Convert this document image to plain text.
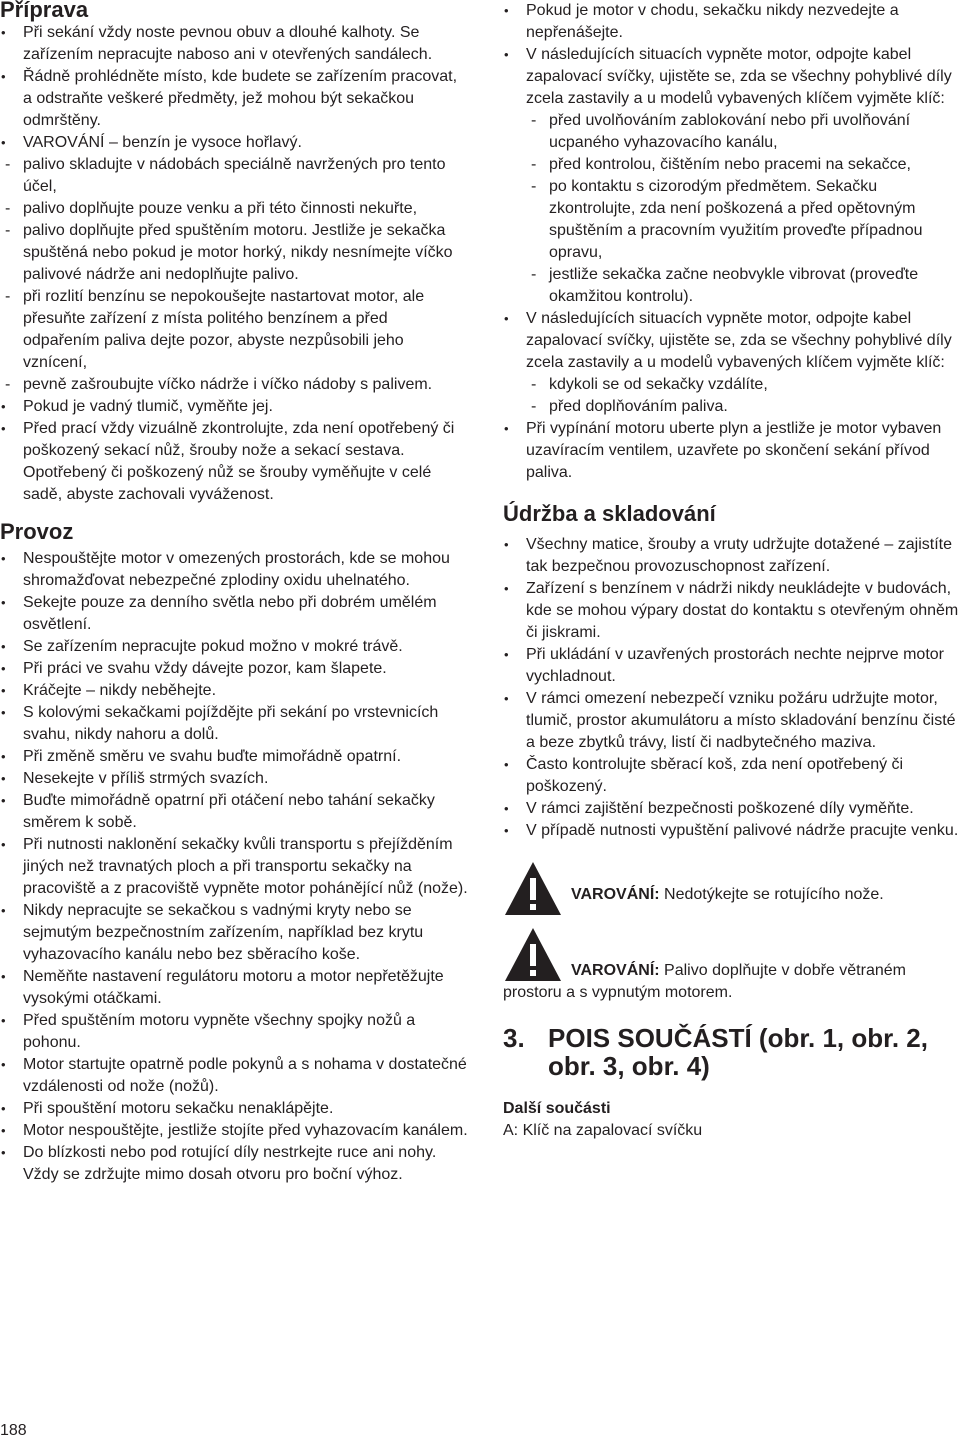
Příprava
• Při sekání vždy noste pevnou obuv a dlouhé kalhoty. Se zařízením nepracujte naboso ani v otevřených sandálech.
• Řádně prohlédněte místo, kde budete se zařízením pracovat, a odstraňte veškeré předměty, jež mohou být sekačkou odmrštěny.
• VAROVÁNÍ – benzín je vysoce hořlavý.
- palivo skladujte v nádobách speciálně navržených pro tento účel,
- palivo doplňujte pouze venku a při této činnosti nekuřte,
- palivo doplňujte před spuštěním motoru. Jestliže je sekačka spuštěná nebo pokud je motor horký, nikdy nesnímejte víčko palivové nádrže ani nedoplňujte palivo.
- při rozlití benzínu se nepokoušejte nastartovat motor, ale přesuňte zařízení z místa politého benzínem a před odpařením paliva dejte pozor, abyste nezpůsobili jeho vznícení,
- pevně zašroubujte víčko nádrže i víčko nádoby s palivem.
• Pokud je vadný tlumič, vyměňte jej.
• Před prací vždy vizuálně zkontrolujte, zda není opotřebený či poškozený sekací nůž, šrouby nože a sekací sestava. Opotřebený či poškozený nůž se šrouby vyměňujte v celé sadě, abyste zachovali vyváženost.
Provoz
• Nespouštějte motor v omezených prostorách, kde se mohou shromažďovat nebezpečné zplodiny oxidu uhelnatého.
• Sekejte pouze za denního světla nebo při dobrém umělém osvětlení.
• Se zařízením nepracujte pokud možno v mokré trávě.
• Při práci ve svahu vždy dávejte pozor, kam šlapete.
• Kráčejte – nikdy neběhejte.
• S kolovými sekačkami pojíždějte při sekání po vrstevnicích svahu, nikdy nahoru a dolů.
• Při změně směru ve svahu buďte mimořádně opatrní.
• Nesekejte v příliš strmých svazích.
• Buďte mimořádně opatrní při otáčení nebo tahání sekačky směrem k sobě.
• Při nutnosti naklonění sekačky kvůli transportu s přejížděním jiných než travnatých ploch a při transportu sekačky na pracoviště a z pracoviště vypněte motor pohánějící nůž (nože).
• Nikdy nepracujte se sekačkou s vadnými kryty nebo se sejmutým bezpečnostním zařízením, například bez krytu vyhazovacího kanálu nebo bez sběracího koše.
• Neměňte nastavení regulátoru motoru a motor nepřetěžujte vysokými otáčkami.
• Před spuštěním motoru vypněte všechny spojky nožů a pohonu.
• Motor startujte opatrně podle pokynů a s nohama v dostatečné vzdálenosti od nože (nožů).
• Při spouštění motoru sekačku nenaklápějte.
• Motor nespouštějte, jestliže stojíte před vyhazovacím kanálem.
• Do blízkosti nebo pod rotující díly nestrkejte ruce ani nohy. Vždy se zdržujte mimo dosah otvoru pro boční výhoz.
• Pokud je motor v chodu, sekačku nikdy nezvedejte a nepřenášejte.
• V následujících situacích vypněte motor, odpojte kabel zapalovací svíčky, ujistěte se, zda se všechny pohyblivé díly zcela zastavily a u modelů vybavených klíčem vyjměte klíč:
- před uvolňováním zablokování nebo při uvolňování ucpaného vyhazovacího kanálu,
- před kontrolou, čištěním nebo pracemi na sekačce,
- po kontaktu s cizorodým předmětem. Sekačku zkontrolujte, zda není poškozená a před opětovným spuštěním a pracovním využitím proveďte případnou opravu,
- jestliže sekačka začne neobvykle vibrovat (proveďte okamžitou kontrolu).
• V následujících situacích vypněte motor, odpojte kabel zapalovací svíčky, ujistěte se, zda se všechny pohyblivé díly zcela zastavily a u modelů vybavených klíčem vyjměte klíč:
- kdykoli se od sekačky vzdálíte,
- před doplňováním paliva.
• Při vypínání motoru uberte plyn a jestliže je motor vybaven uzavíracím ventilem, uzavřete po skončení sekání přívod paliva.
Údržba a skladování
• Všechny matice, šrouby a vruty udržujte dotažené – zajistíte tak bezpečnou provozuschopnost zařízení.
• Zařízení s benzínem v nádrži nikdy neukládejte v budovách, kde se mohou výpary dostat do kontaktu s otevřeným ohněm či jiskrami.
• Při ukládání v uzavřených prostorách nechte nejprve motor vychladnout.
• V rámci omezení nebezpečí vzniku požáru udržujte motor, tlumič, prostor akumulátoru a místo skladování benzínu čisté a beze zbytků trávy, listí či nadbytečného maziva.
• Často kontrolujte sběrací koš, zda není opotřebený či poškozený.
• V rámci zajištění bezpečnosti poškozené díly vyměňte.
• V případě nutnosti vypuštění palivové nádrže pracujte venku.
VAROVÁNÍ: Nedotýkejte se rotujícího nože.
VAROVÁNÍ: Palivo doplňujte v dobře větraném
prostoru a s vypnutým motorem.
3. POIS SOUČÁSTÍ (obr. 1, obr. 2, obr. 3, obr. 4)
Další součásti
A: Klíč na zapalovací svíčku
188
